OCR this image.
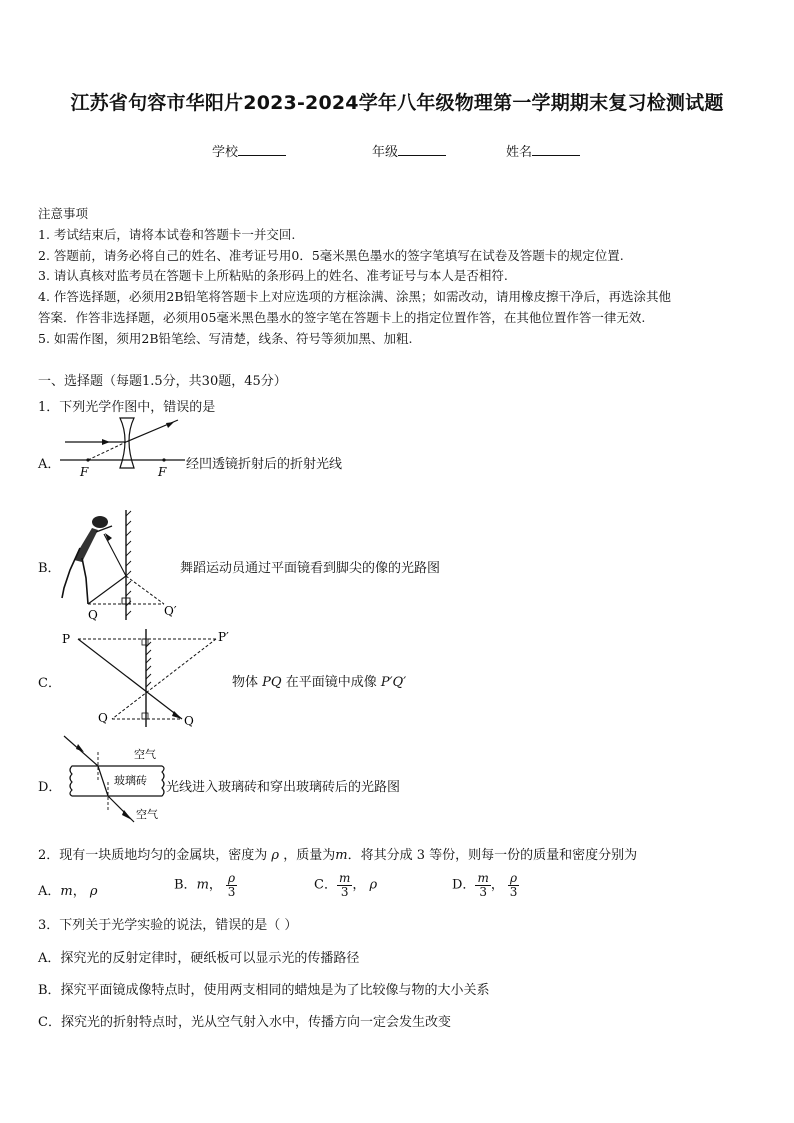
江苏省句容市华阳片2023-2024学年八年级物理第一学期期末复习检测试题
学校	年级	姓名
注意事项
1. 考试结束后，请将本试卷和答题卡一并交回.
2. 答题前，请务必将自己的姓名、准考证号用0．5毫米黑色墨水的签字笔填写在试卷及答题卡的规定位置.
3. 请认真核对监考员在答题卡上所粘贴的条形码上的姓名、准考证号与本人是否相符.
4. 作答选择题，必须用2B铅笔将答题卡上对应选项的方框涂满、涂黑；如需改动，请用橡皮擦干净后，再选涂其他
答案．作答非选择题，必须用05毫米黑色墨水的签字笔在答题卡上的指定位置作答，在其他位置作答一律无效.
5. 如需作图，须用2B铅笔绘、写清楚，线条、符号等须加黑、加粗.
一、选择题（每题1.5分，共30题，45分）
1．下列光学作图中，错误的是
A． F	F 经凹透镜折射后的折射光线
B．
Q	Q′
舞蹈运动员通过平面镜看到脚尖的像的光路图
C．
P	P′
Q	Q
物体 PQ 在平面镜中成像 P′Q′
D．
空气
玻璃砖
空气
光线进入玻璃砖和穿出玻璃砖后的光路图
2．现有一块质地均匀的金属块，密度为 ρ ，质量为m．将其分成 3 等份，则每一份的质量和密度分别为
A．m， ρ	B．m， $\frac{\rho}{3}$	C． $\frac{m}{3}$ ， ρ	D． $\frac{m}{3}$ ， $\frac{\rho}{3}$
3．下列关于光学实验的说法，错误的是（ ）
A．探究光的反射定律时，硬纸板可以显示光的传播路径
B．探究平面镜成像特点时，使用两支相同的蜡烛是为了比较像与物的大小关系
C．探究光的折射特点时，光从空气射入水中，传播方向一定会发生改变
